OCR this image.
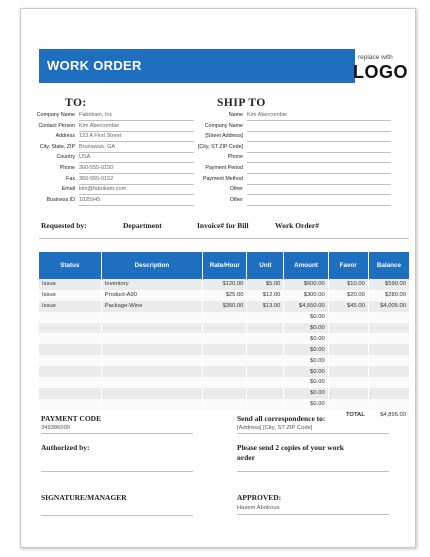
WORK ORDER
replace with
LOGO
TO:	SHIP TO
Company Name Fabrikam, Inc
Contact Person Kim Abercombie
Address 123 A First Street
City, State, ZIP Brunswick, GA
Country USA
Phone 360-555-0150
Fax 360-555-0152
Email kim@fabrikam.com
Business ID 1025945
Name Kim Abercombie
Company Name
[Street Address]
[City, ST ZIP Code]
Phone
Payment Period
Payment Method
Other
Other
Requested by:	Department	Invoice# for Bill	Work Order#
Status	Description	Rate/Hour	Unit	Amount	Favor	Balance
Issue	Inventory	$120.00	$5.00	$600.00	$10.00	$590.00
Issue	Product-A90	$25.00	$12.00	$300.00	$20.00	$280.00
Issue	Package-Wine	$350.00	$13.00	$4,550.00	$45.00	$4,005.00
				$0.00		
				$0.00		
				$0.00		
				$0.00		
				$0.00		
				$0.00		
				$0.00		
				$0.00		
				$0.00		
					TOTAL	$4,895.00
PAYMENT CODE
349386500
Send all correspondence to:
[Address] [City, ST ZIP Code]
Authorized by:	Please send 2 copies of your work
order
SIGNATURE/MANAGER	APPROVED:
Hazem Abolrous
